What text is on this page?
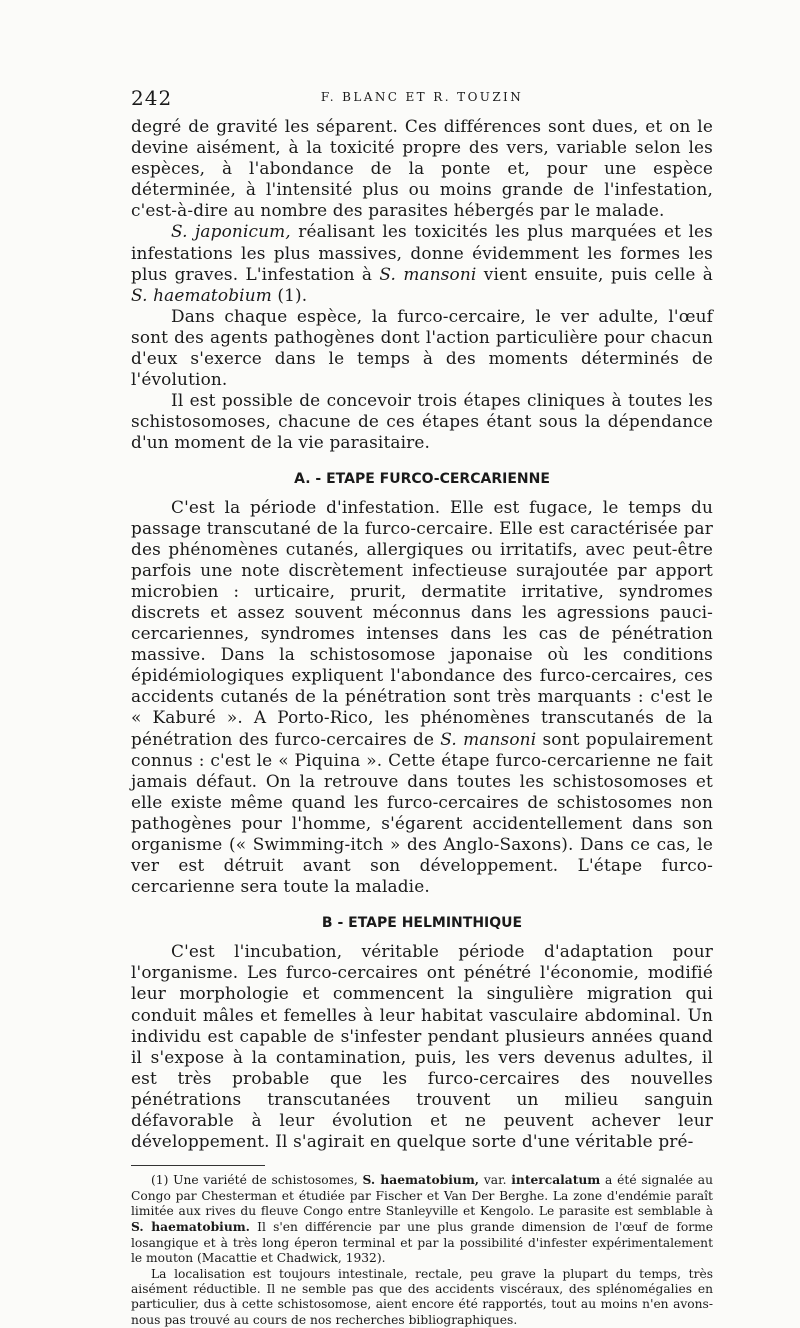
242	F. BLANC ET R. TOUZIN

degré de gravité les séparent. Ces différences sont dues, et on le devine aisément, à la toxicité propre des vers, variable selon les espèces, à l'abondance de la ponte et, pour une espèce déterminée, à l'intensité plus ou moins grande de l'infestation, c'est-à-dire au nombre des parasites hébergés par le malade.

S. japonicum, réalisant les toxicités les plus marquées et les infestations les plus massives, donne évidemment les formes les plus graves. L'infestation à S. mansoni vient ensuite, puis celle à S. haematobium (1).

Dans chaque espèce, la furco-cercaire, le ver adulte, l'œuf sont des agents pathogènes dont l'action particulière pour chacun d'eux s'exerce dans le temps à des moments déterminés de l'évolution.

Il est possible de concevoir trois étapes cliniques à toutes les schistosomoses, chacune de ces étapes étant sous la dépendance d'un moment de la vie parasitaire.

A. - ETAPE FURCO-CERCARIENNE

C'est la période d'infestation. Elle est fugace, le temps du passage transcutané de la furco-cercaire. Elle est caractérisée par des phénomènes cutanés, allergiques ou irritatifs, avec peut-être parfois une note discrètement infectieuse surajoutée par apport microbien : urticaire, prurit, dermatite irritative, syndromes discrets et assez souvent méconnus dans les agressions pauci-cercariennes, syndromes intenses dans les cas de pénétration massive. Dans la schistosomose japonaise où les conditions épidémiologiques expliquent l'abondance des furco-cercaires, ces accidents cutanés de la pénétration sont très marquants : c'est le « Kaburé ». A Porto-Rico, les phénomènes transcutanés de la pénétration des furco-cercaires de S. mansoni sont populairement connus : c'est le « Piquina ». Cette étape furco-cercarienne ne fait jamais défaut. On la retrouve dans toutes les schistosomoses et elle existe même quand les furco-cercaires de schistosomes non pathogènes pour l'homme, s'égarent accidentellement dans son organisme (« Swimming-itch » des Anglo-Saxons). Dans ce cas, le ver est détruit avant son développement. L'étape furco-cercarienne sera toute la maladie.

B - ETAPE HELMINTHIQUE

C'est l'incubation, véritable période d'adaptation pour l'organisme. Les furco-cercaires ont pénétré l'économie, modifié leur morphologie et commencent la singulière migration qui conduit mâles et femelles à leur habitat vasculaire abdominal. Un individu est capable de s'infester pendant plusieurs années quand il s'expose à la contamination, puis, les vers devenus adultes, il est très probable que les furco-cercaires des nouvelles pénétrations transcutanées trouvent un milieu sanguin défavorable à leur évolution et ne peuvent achever leur développement. Il s'agirait en quelque sorte d'une véritable pré-

(1) Une variété de schistosomes, S. haematobium, var. intercalatum a été signalée au Congo par Chesterman et étudiée par Fischer et Van Der Berghe. La zone d'endémie paraît limitée aux rives du fleuve Congo entre Stanleyville et Kengolo. Le parasite est semblable à S. haematobium. Il s'en différencie par une plus grande dimension de l'œuf de forme losangique et à très long éperon terminal et par la possibilité d'infester expérimentalement le mouton (Macattie et Chadwick, 1932).

La localisation est toujours intestinale, rectale, peu grave la plupart du temps, très aisément réductible. Il ne semble pas que des accidents viscéraux, des splénomégalies en particulier, dus à cette schistosomose, aient encore été rapportés, tout au moins n'en avons-nous pas trouvé au cours de nos recherches bibliographiques.
